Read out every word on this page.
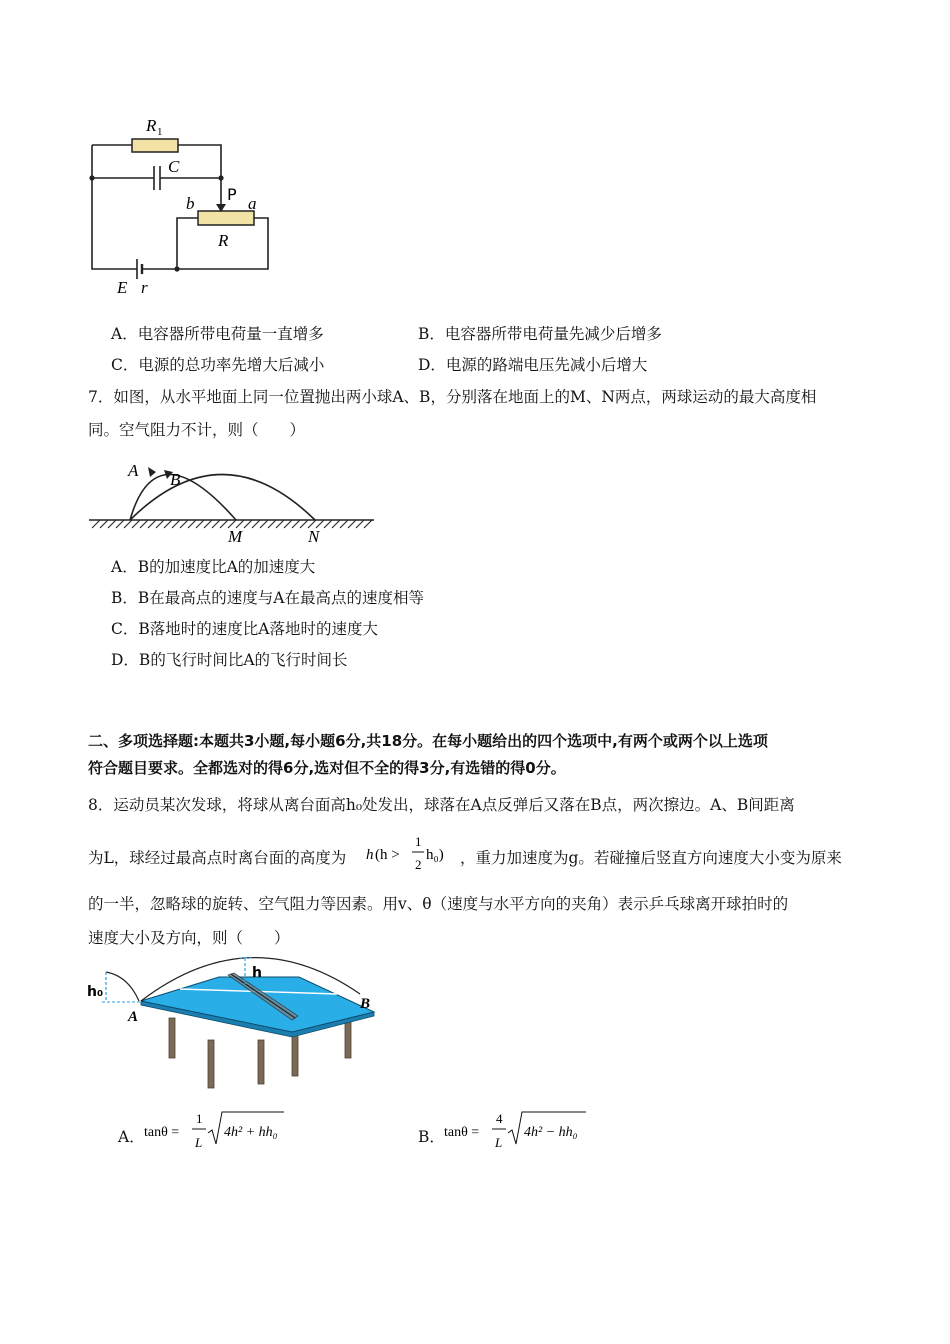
R 1
C
P
b	a
R
E r
A．电容器所带电荷量一直增多	B．电容器所带电荷量先减少后增多
C．电源的总功率先增大后减小	D．电源的路端电压先减小后增大
7．如图，从水平地面上同一位置抛出两小球A、B，分别落在地面上的M、N两点，两球运动的最大高度相
同。空气阻力不计，则（　　）
A B
M	N
A．B的加速度比A的加速度大
B．B在最高点的速度与A在最高点的速度相等
C．B落地时的速度比A落地时的速度大
D．B的飞行时间比A的飞行时间长
二、多项选择题:本题共3小题,每小题6分,共18分。在每小题给出的四个选项中,有两个或两个以上选项
符合题目要求。全都选对的得6分,选对但不全的得3分,有选错的得0分。
8．运动员某次发球，将球从离台面高h₀处发出，球落在A点反弹后又落在B点，两次擦边。A、B间距离
为L，球经过最高点时离台面的高度为 h (h >
1
2
h₀) ，重力加速度为g。若碰撞后竖直方向速度大小变为原来
的一半，忽略球的旋转、空气阻力等因素。用v、θ（速度与水平方向的夹角）表示乒乓球离开球拍时的
速度大小及方向，则（　　）
h₀
h
A
B
A． tanθ =
1
L
4h² + hh₀	B． tanθ =
4
L
4h² − hh₀
